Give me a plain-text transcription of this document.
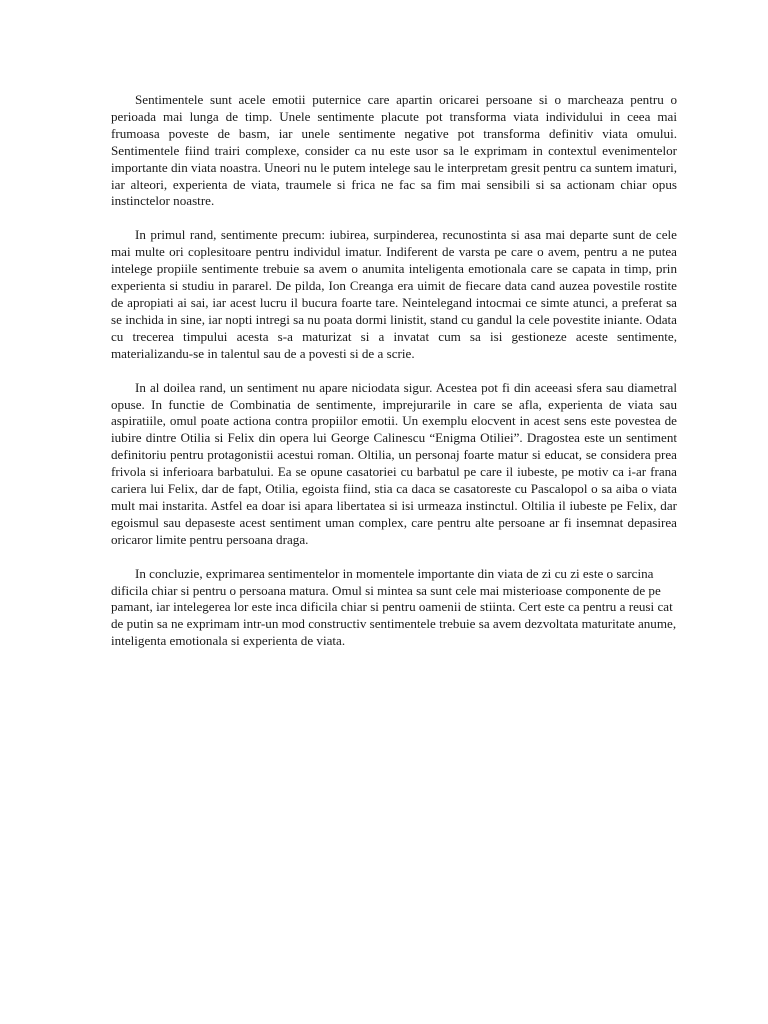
Sentimentele sunt acele emotii puternice care apartin oricarei persoane si o marcheaza pentru o perioada mai lunga de timp. Unele sentimente placute pot transforma viata individului in ceea mai frumoasa poveste de basm, iar unele sentimente negative pot transforma definitiv viata omului. Sentimentele fiind trairi complexe, consider ca nu este usor sa le exprimam in contextul evenimentelor importante din viata noastra. Uneori nu le putem intelege sau le interpretam gresit pentru ca suntem imaturi, iar alteori, experienta de viata, traumele si frica ne fac sa fim mai sensibili si sa actionam chiar opus instinctelor noastre.

In primul rand, sentimente precum: iubirea, surpinderea, recunostinta si asa mai departe sunt de cele mai multe ori coplesitoare pentru individul imatur. Indiferent de varsta pe care o avem, pentru a ne putea intelege propiile sentimente trebuie sa avem o anumita inteligenta emotionala care se capata in timp, prin experienta si studiu in pararel. De pilda, Ion Creanga era uimit de fiecare data cand auzea povestile rostite de apropiati ai sai, iar acest lucru il bucura foarte tare. Neintelegand intocmai ce simte atunci, a preferat sa se inchida in sine, iar nopti intregi sa nu poata dormi linistit, stand cu gandul la cele povestite iniante. Odata cu trecerea timpului acesta s-a maturizat si a invatat cum sa isi gestioneze aceste sentimente, materializandu-se in talentul sau de a povesti si de a scrie.

In al doilea rand, un sentiment nu apare niciodata sigur. Acestea pot fi din aceeasi sfera sau diametral opuse. In functie de Combinatia de sentimente, imprejurarile in care se afla, experienta de viata sau aspiratiile, omul poate actiona contra propiilor emotii. Un exemplu elocvent in acest sens este povestea de iubire dintre Otilia si Felix din opera lui George Calinescu “Enigma Otiliei”. Dragostea este un sentiment definitoriu pentru protagonistii acestui roman. Oltilia, un personaj foarte matur si educat, se considera prea frivola si inferioara barbatului. Ea se opune casatoriei cu barbatul pe care il iubeste, pe motiv ca i-ar frana cariera lui Felix, dar de fapt, Otilia, egoista fiind, stia ca daca se casatoreste cu Pascalopol o sa aiba o viata mult mai instarita. Astfel ea doar isi apara libertatea si isi urmeaza instinctul. Oltilia il iubeste pe Felix, dar egoismul sau depaseste acest sentiment uman complex, care pentru alte persoane ar fi insemnat depasirea oricaror limite pentru persoana draga.

In concluzie, exprimarea sentimentelor in momentele importante din viata de zi cu zi este o sarcina dificila chiar si pentru o persoana matura. Omul si mintea sa sunt cele mai misterioase componente de pe pamant, iar intelegerea lor este inca dificila chiar si pentru oamenii de stiinta. Cert este ca pentru a reusi cat de putin sa ne exprimam intr-un mod constructiv sentimentele trebuie sa avem dezvoltata maturitate anume, inteligenta emotionala si experienta de viata.
